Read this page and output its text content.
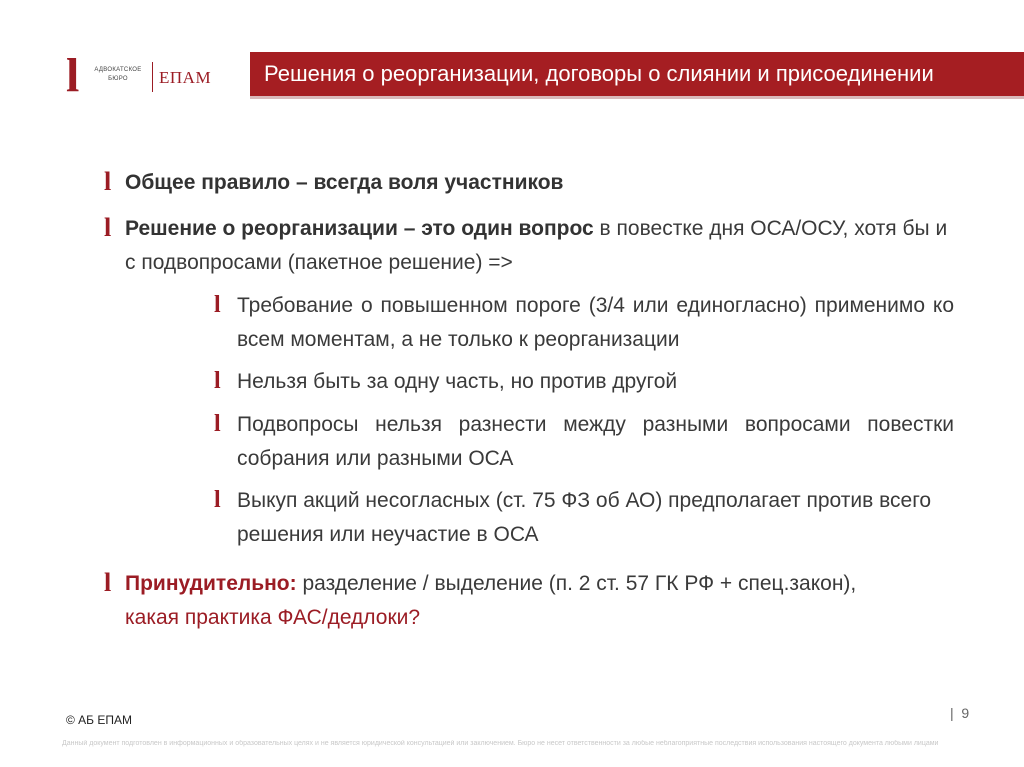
l	АДВОКАТСКОЕ
БЮРО	ЕПАМ Решения о реорганизации, договоры о слиянии и присоединении
l Общее правило – всегда воля участников
l Решение о реорганизации – это один вопрос в повестке дня ОСА/ОСУ, хотя бы и с подвопросами (пакетное решение) =>
l Требование о повышенном пороге (3/4 или единогласно) применимо ко всем моментам, а не только к реорганизации
l Нельзя быть за одну часть, но против другой
l Подвопросы нельзя разнести между разными вопросами повестки собрания или разными ОСА
l Выкуп акций несогласных (ст. 75 ФЗ об АО) предполагает против всего решения или неучастие в ОСА
l Принудительно: разделение / выделение (п. 2 ст. 57 ГК РФ + спец.закон),
какая практика ФАС/дедлоки?
© АБ ЕПАМ	| 9
Данный документ подготовлен в информационных и образовательных целях и не является юридической консультацией или заключением. Бюро не несет ответственности за любые неблагоприятные последствия использования настоящего документа любыми лицами
